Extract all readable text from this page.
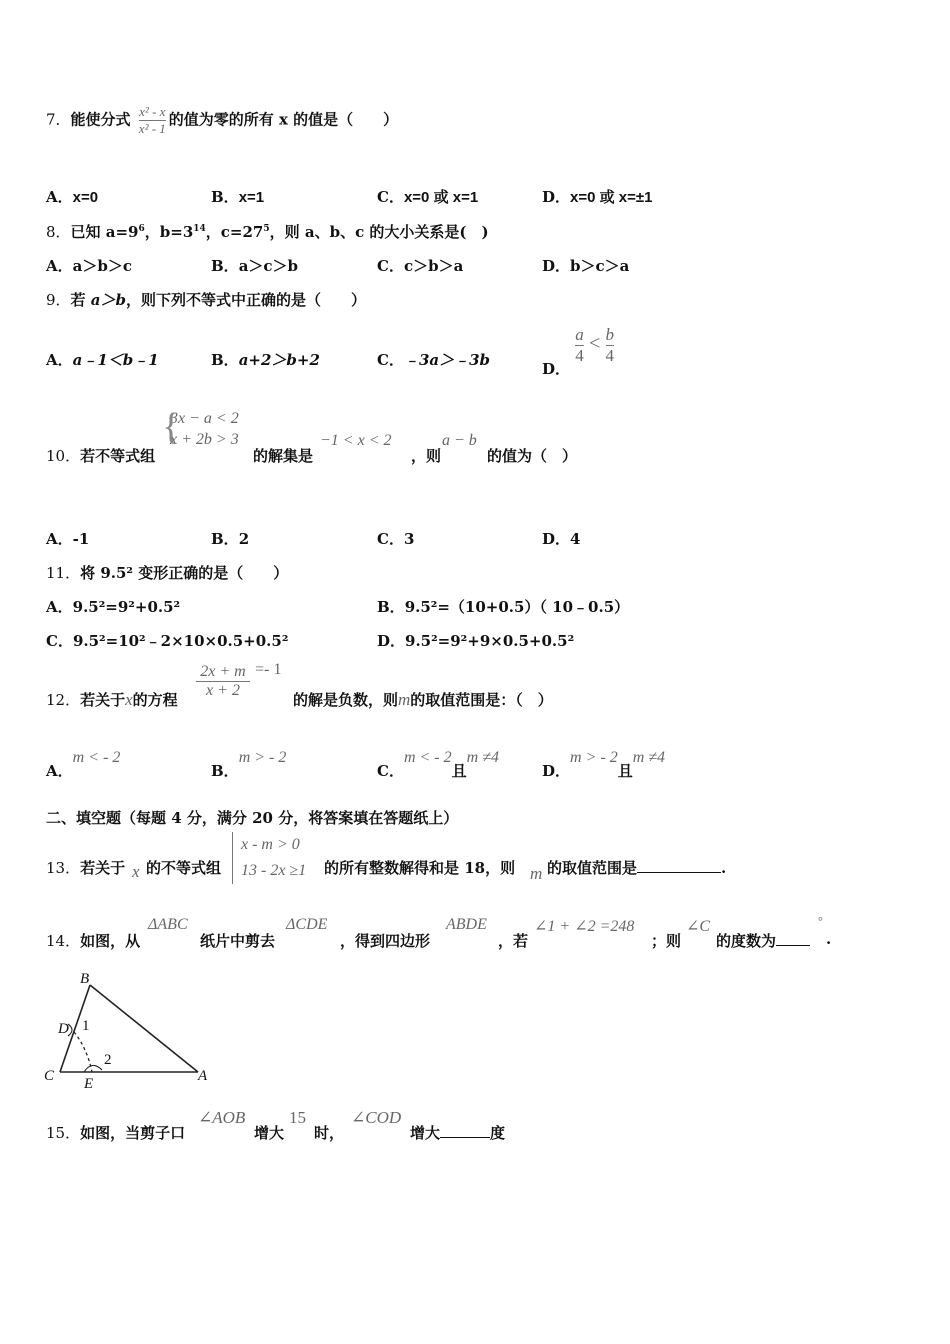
7．能使分式 $\frac{\text{x² - x}}{\text{x² - 1}}$ 的值为零的所有 x 的值是（　　）
A．x=0	B．x=1	C．x=0 或 x=1	D．x=0 或 x=±1
8．已知 $a=9^6$，$b=3^{14}$，$c=27^5$，则 a、b、c 的大小关系是(　)
A．a＞b＞c	B．a＞c＞b	C．c＞b＞a	D．b＞c＞a
9．若 a＞b，则下列不等式中正确的是（　　）
A．a﹣1＜b﹣1	B．a+2＞b+2	C．﹣3a＞﹣3b	D．
$\frac{a}{4} < \frac{b}{4}$
10．若不等式组
{
3x − a < 2
x + 2b > 3
的解集是
−1 < x < 2
，则
a − b
的值为（　）
A．-1	B．2	C．3	D．4
11．将 9.5² 变形正确的是（　　）
A．9.5²=9²+0.5²	B．9.5²=（10+0.5）（ 10﹣0.5）
C．9.5²=10²﹣2×10×0.5+0.5²	D．9.5²=9²+9×0.5+0.5²
12．若关于x的方程 $\frac{2x + m}{x + 2} =- 1$
的解是负数，则m的取值范围是：（　）
A．m < - 2
B．m > - 2
C．m < - 2且m ≠4
D．m > - 2且m ≠4
二、填空题（每题 4 分，满分 20 分，将答案填在答题纸上）
13．若关于 x 的不等式组
x - m > 0
13 - 2x ≥1 的所有整数解得和是 18，则 m 的取值范围是	.
14．如图，从
ΔABC
纸片中剪去
ΔCDE
，得到四边形
ABDE
，若
∠1 + ∠2 =248
；则
∠C
的度数为
°
.
B
C
D
E	A
1
2
15．如图，当剪子口
∠AOB
增大
15
时，
∠COD
增大	度
